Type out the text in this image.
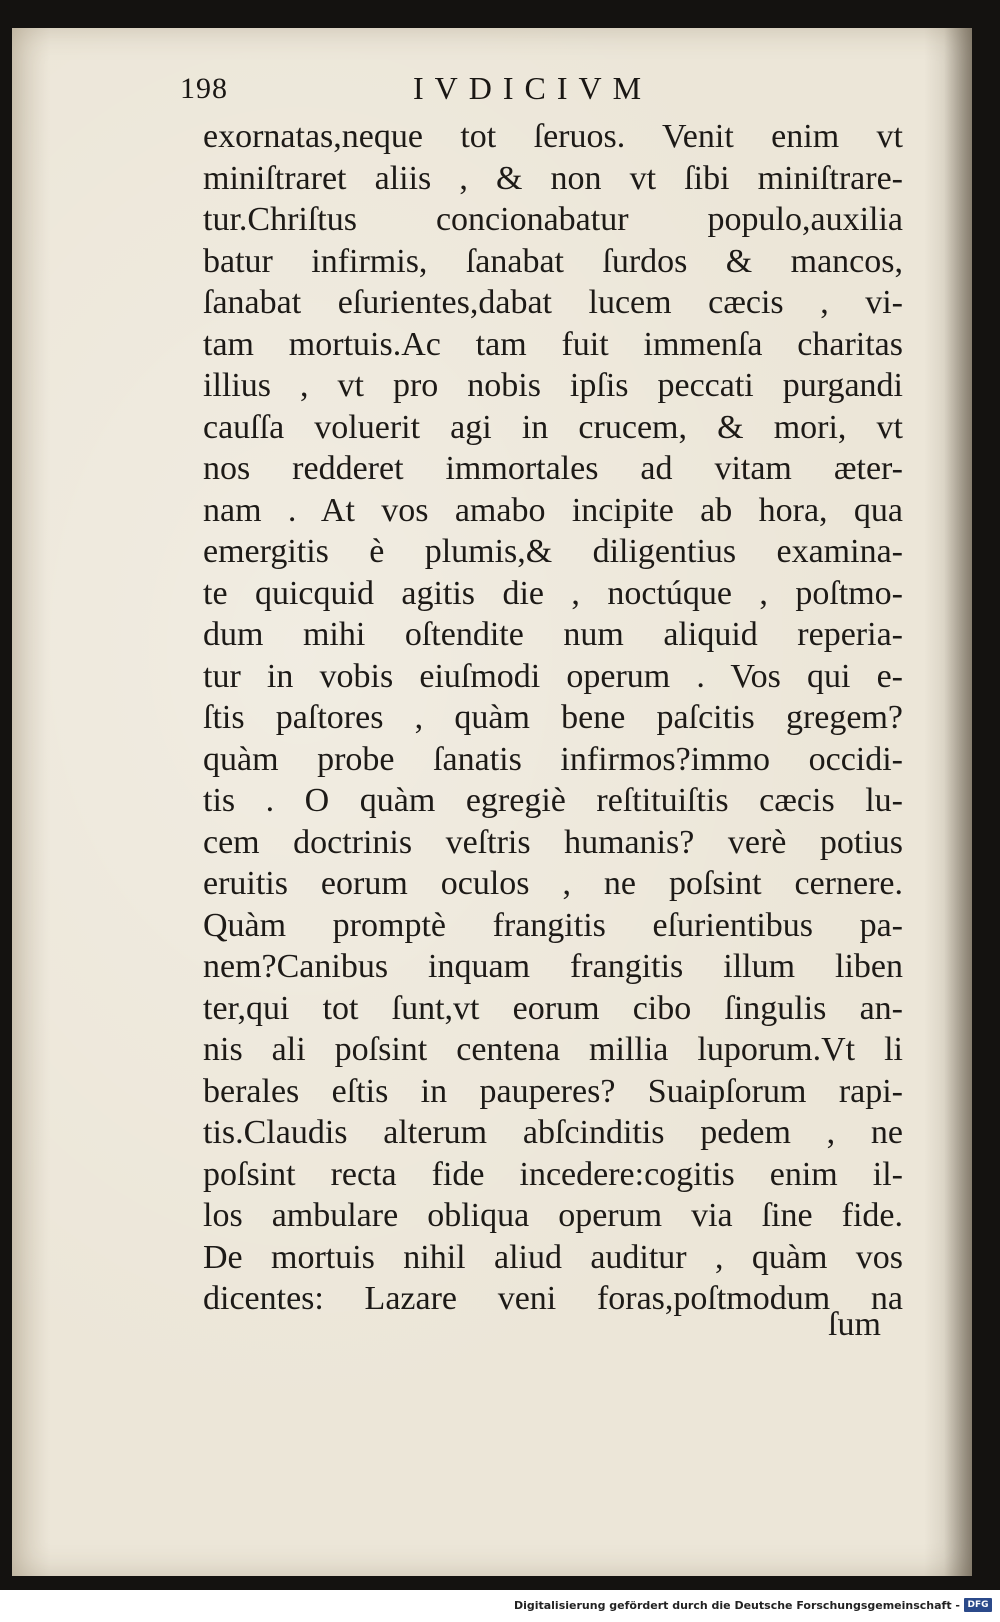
198	IVDICIVM
exornatas,neque tot ſeruos. Venit enim vt
miniſtraret aliis , & non vt ſibi miniſtrare-
tur.Chriſtus concionabatur populo,auxilia
batur infirmis, ſanabat ſurdos & mancos,
ſanabat eſurientes,dabat lucem cæcis , vi-
tam mortuis.Ac tam fuit immenſa charitas
illius , vt pro nobis ipſis peccati purgandi
cauſſa voluerit agi in crucem, & mori, vt
nos redderet immortales ad vitam æter-
nam . At vos amabo incipite ab hora, qua
emergitis è plumis,& diligentius examina-
te quicquid agitis die , noctúque , poſtmo-
dum mihi oſtendite num aliquid reperia-
tur in vobis eiuſmodi operum . Vos qui e-
ſtis paſtores , quàm bene paſcitis gregem?
quàm probe ſanatis infirmos?immo occidi-
tis . O quàm egregiè reſtituiſtis cæcis lu-
cem doctrinis veſtris humanis? verè potius
eruitis eorum oculos , ne poſsint cernere.
Quàm promptè frangitis eſurientibus pa-
nem?Canibus inquam frangitis illum liben
ter,qui tot ſunt,vt eorum cibo ſingulis an-
nis ali poſsint centena millia luporum.Vt li
berales eſtis in pauperes? Suaipſorum rapi-
tis.Claudis alterum abſcinditis pedem , ne
poſsint recta fide incedere:cogitis enim il-
los ambulare obliqua operum via ſine fide.
De mortuis nihil aliud auditur , quàm vos
dicentes: Lazare veni foras,poſtmodum na
ſum
Digitalisierung gefördert durch die Deutsche Forschungsgemeinschaft - DFG
